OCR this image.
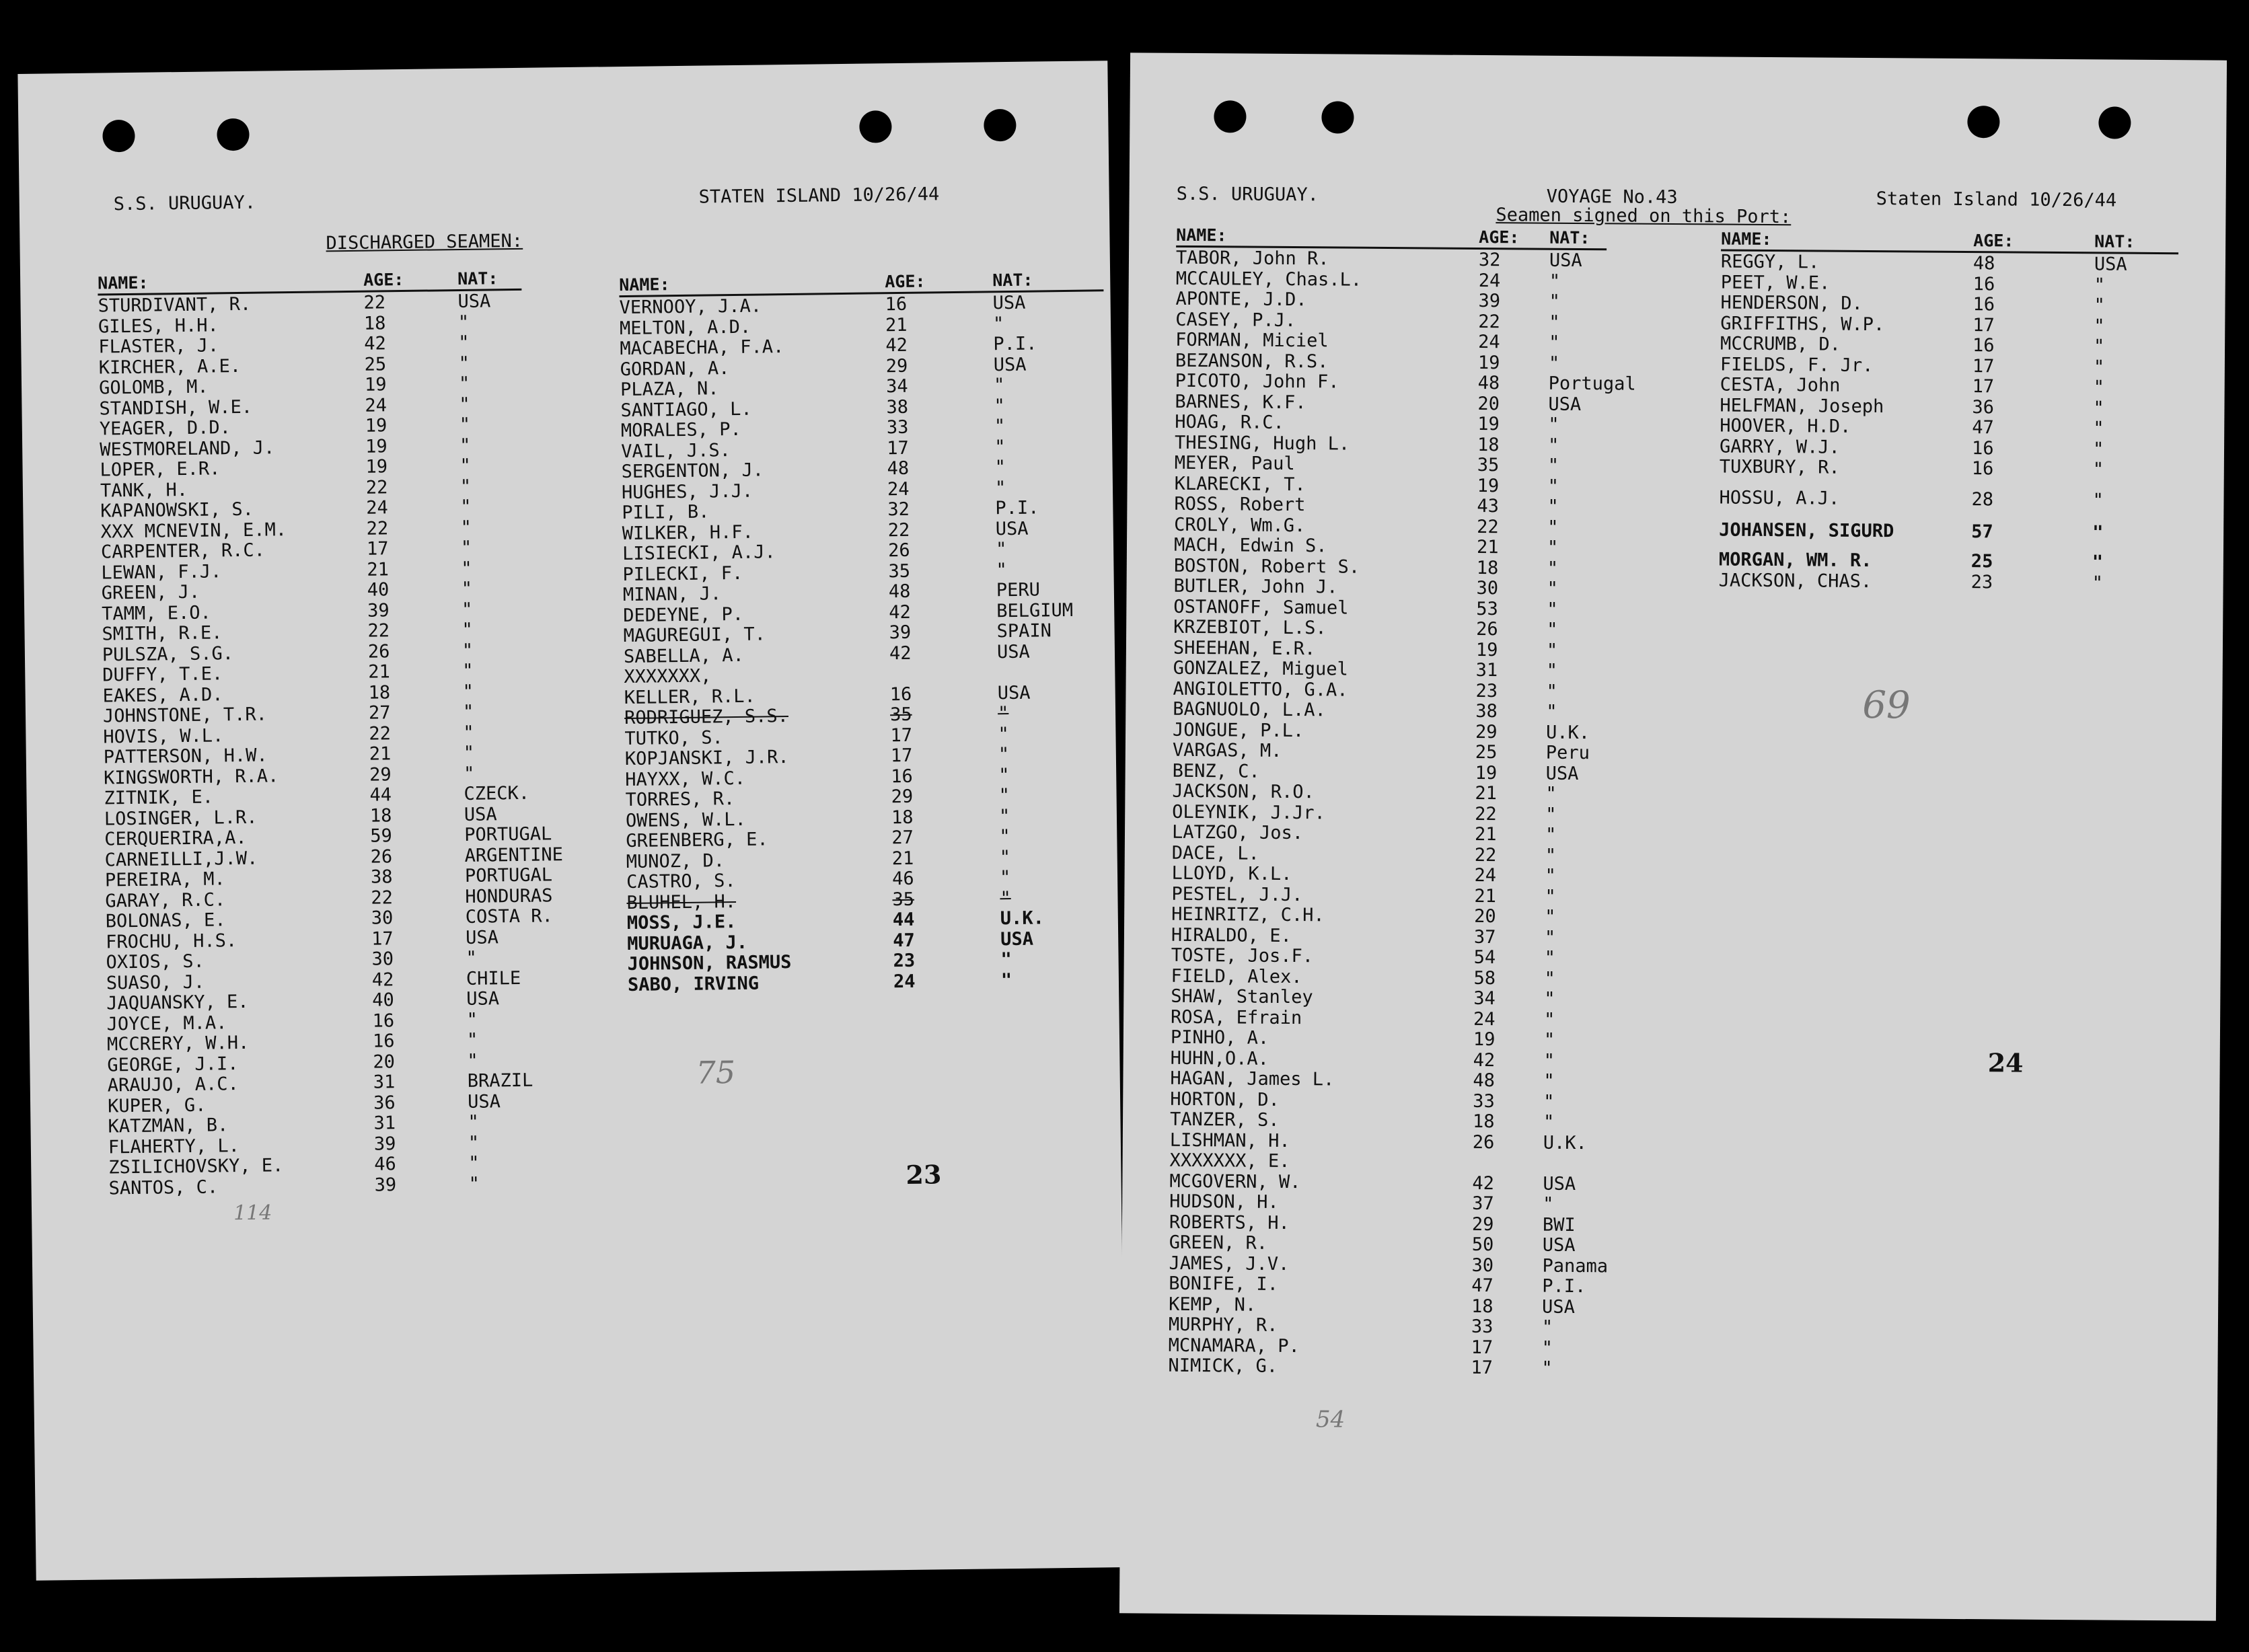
S.S. URUGUAY.	STATEN ISLAND 10/26/44
DISCHARGED SEAMEN:
NAME:	AGE:	NAT:
STURDIVANT, R.	22	USA
GILES, H.H.	18	"
FLASTER, J.	42	"
KIRCHER, A.E.	25	"
GOLOMB, M.	19	"
STANDISH, W.E.	24	"
YEAGER, D.D.	19	"
WESTMORELAND, J.	19	"
LOPER, E.R.	19	"
TANK, H.	22	"
KAPANOWSKI, S.	24	"
XXX MCNEVIN, E.M.	22	"
CARPENTER, R.C.	17	"
LEWAN, F.J.	21	"
GREEN, J.	40	"
TAMM, E.O.	39	"
SMITH, R.E.	22	"
PULSZA, S.G.	26	"
DUFFY, T.E.	21	"
EAKES, A.D.	18	"
JOHNSTONE, T.R.	27	"
HOVIS, W.L.	22	"
PATTERSON, H.W.	21	"
KINGSWORTH, R.A.	29	"
ZITNIK, E.	44	CZECK.
LOSINGER, L.R.	18	USA
CERQUERIRA,A.	59	PORTUGAL
CARNEILLI,J.W.	26	ARGENTINE
PEREIRA, M.	38	PORTUGAL
GARAY, R.C.	22	HONDURAS
BOLONAS, E.	30	COSTA R.
FROCHU, H.S.	17	USA
OXIOS, S.	30	"
SUASO, J.	42	CHILE
JAQUANSKY, E.	40	USA
JOYCE, M.A.	16	"
MCCRERY, W.H.	16	"
GEORGE, J.I.	20	"
ARAUJO, A.C.	31	BRAZIL
KUPER, G.	36	USA
KATZMAN, B.	31	"
FLAHERTY, L.	39	"
ZSILICHOVSKY, E.	46	"
SANTOS, C.	39	"
NAME:	AGE:	NAT:
VERNOOY, J.A.	16	USA
MELTON, A.D.	21	"
MACABECHA, F.A.	42	P.I.
GORDAN, A.	29	USA
PLAZA, N.	34	"
SANTIAGO, L.	38	"
MORALES, P.	33	"
VAIL, J.S.	17	"
SERGENTON, J.	48	"
HUGHES, J.J.	24	"
PILI, B.	32	P.I.
WILKER, H.F.	22	USA
LISIECKI, A.J.	26	"
PILECKI, F.	35	"
MINAN, J.	48	PERU
DEDEYNE, P.	42	BELGIUM
MAGUREGUI, T.	39	SPAIN
SABELLA, A.	42	USA
XXXXXXX,
KELLER, R.L.	16	USA
RODRIGUEZ, S.S.	35	"
TUTKO, S.	17	"
KOPJANSKI, J.R.	17	"
HAYXX, W.C.	16	"
TORRES, R.	29	"
OWENS, W.L.	18	"
GREENBERG, E.	27	"
MUNOZ, D.	21	"
CASTRO, S.	46	"
BLUHEL, H.	35	"
MOSS, J.E.	44	U.K.
MURUAGA, J.	47	USA
JOHNSON, RASMUS	23	"
SABO, IRVING	24	"
23
75
114
S.S. URUGUAY.	VOYAGE No.43	Staten Island 10/26/44
Seamen signed on this Port:
NAME:	AGE: NAT:
TABOR, John R.	32	USA
MCCAULEY, Chas.L.	24	"
APONTE, J.D.	39	"
CASEY, P.J.	22	"
FORMAN, Miciel	24	"
BEZANSON, R.S.	19	"
PICOTO, John F.	48	Portugal
BARNES, K.F.	20	USA
HOAG, R.C.	19	"
THESING, Hugh L.	18	"
MEYER, Paul	35	"
KLARECKI, T.	19	"
ROSS, Robert	43	"
CROLY, Wm.G.	22	"
MACH, Edwin S.	21	"
BOSTON, Robert S.	18	"
BUTLER, John J.	30	"
OSTANOFF, Samuel	53	"
KRZEBIOT, L.S.	26	"
SHEEHAN, E.R.	19	"
GONZALEZ, Miguel	31	"
ANGIOLETTO, G.A.	23	"
BAGNUOLO, L.A.	38	"
JONGUE, P.L.	29	U.K.
VARGAS, M.	25	Peru
BENZ, C.	19	USA
JACKSON, R.O.	21	"
OLEYNIK, J.Jr.	22	"
LATZGO, Jos.	21	"
DACE, L.	22	"
LLOYD, K.L.	24	"
PESTEL, J.J.	21	"
HEINRITZ, C.H.	20	"
HIRALDO, E.	37	"
TOSTE, Jos.F.	54	"
FIELD, Alex.	58	"
SHAW, Stanley	34	"
ROSA, Efrain	24	"
PINHO, A.	19	"
HUHN,O.A.	42	"
HAGAN, James L.	48	"
HORTON, D.	33	"
TANZER, S.	18	"
LISHMAN, H.	26	U.K.
XXXXXXX, E.
MCGOVERN, W.	42	USA
HUDSON, H.	37	"
ROBERTS, H.	29	BWI
GREEN, R.	50	USA
JAMES, J.V.	30	Panama
BONIFE, I.	47	P.I.
KEMP, N.	18	USA
MURPHY, R.	33	"
MCNAMARA, P.	17	"
NIMICK, G.	17	"
NAME:	AGE:	NAT:
REGGY, L.	48	USA
PEET, W.E.	16	"
HENDERSON, D.	16	"
GRIFFITHS, W.P.	17	"
MCCRUMB, D.	16	"
FIELDS, F. Jr.	17	"
CESTA, John	17	"
HELFMAN, Joseph	36	"
HOOVER, H.D.	47	"
GARRY, W.J.	16	"
TUXBURY, R.	16	"
HOSSU, A.J.	28	"
JOHANSEN, SIGURD	57	"
MORGAN, WM. R.	25	"
JACKSON, CHAS.	23	"
24
69
54
